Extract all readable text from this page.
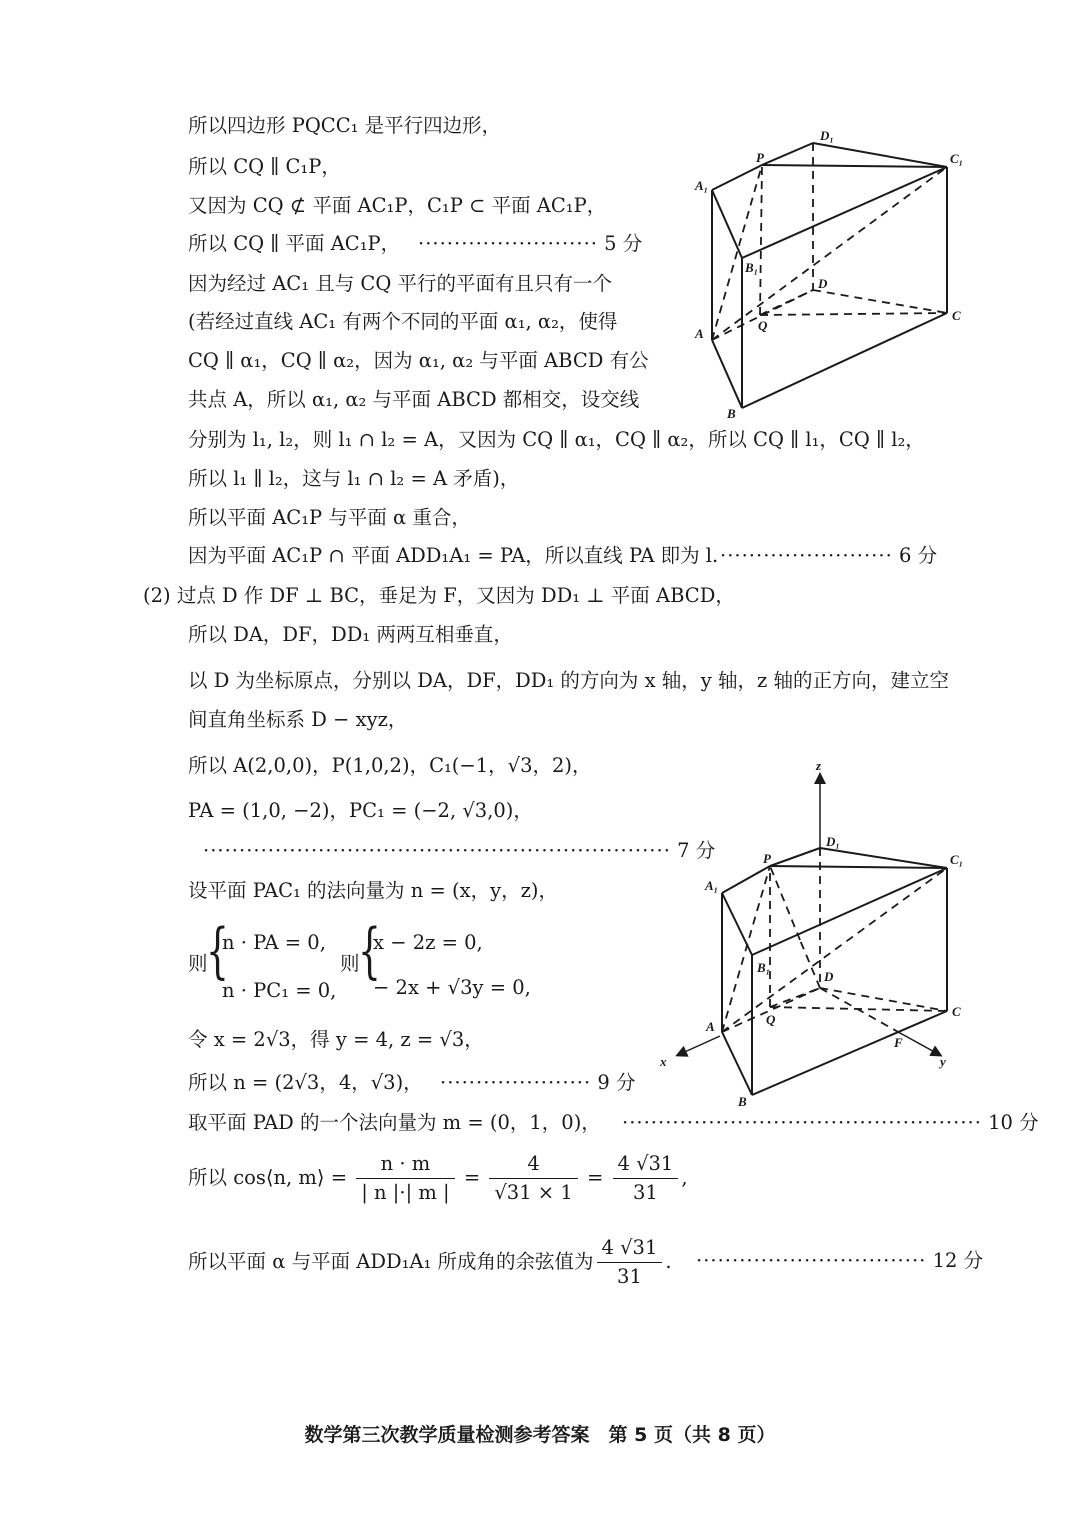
所以四边形 PQCC₁ 是平行四边形，
所以 CQ ∥ C₁P，
又因为 CQ ⊄ 平面 AC₁P，C₁P ⊂ 平面 AC₁P，
所以 CQ ∥ 平面 AC₁P， ························· 5 分
因为经过 AC₁ 且与 CQ 平行的平面有且只有一个
(若经过直线 AC₁ 有两个不同的平面 α₁, α₂，使得
CQ ∥ α₁，CQ ∥ α₂，因为 α₁, α₂ 与平面 ABCD 有公
共点 A，所以 α₁, α₂ 与平面 ABCD 都相交，设交线
分别为 l₁, l₂，则 l₁ ∩ l₂ = A，又因为 CQ ∥ α₁，CQ ∥ α₂，所以 CQ ∥ l₁，CQ ∥ l₂，
所以 l₁ ∥ l₂，这与 l₁ ∩ l₂ = A 矛盾)，
所以平面 AC₁P 与平面 α 重合，
因为平面 AC₁P ∩ 平面 ADD₁A₁ = PA，所以直线 PA 即为 l. ························ 6 分
(2) 过点 D 作 DF ⊥ BC，垂足为 F，又因为 DD₁ ⊥ 平面 ABCD，
所以 DA，DF，DD₁ 两两互相垂直，
以 D 为坐标原点，分别以 DA，DF，DD₁ 的方向为 x 轴，y 轴，z 轴的正方向，建立空
间直角坐标系 D − xyz，
所以 A(2,0,0)，P(1,0,2)，C₁(−1，√3，2)，
PA = (1,0, −2)，PC₁ = (−2, √3,0)，
································································· 7 分
设平面 PAC₁ 的法向量为 n = (x，y，z)，
则
{
n · PA = 0,
n · PC₁ = 0,
则
{
x − 2z = 0,
− 2x + √3y = 0,
令 x = 2√3，得 y = 4, z = √3，
所以 n = (2√3，4，√3)， ····················· 9 分
取平面 PAD 的一个法向量为 m = (0，1，0)， ·················································· 10 分
所以 cos⟨n, m⟩ = $\frac{n \cdot m}{| n |\cdot| m |} = \frac{4}{√31 \times 1} = \frac{4 √31}{31}$ ,
所以平面 α 与平面 ADD₁A₁ 所成角的余弦值为 $\frac{4 √31}{31}$ . ································ 12 分
P
D₁
C₁
A₁
B₁
D
Q
A
C
B
z
D₁
P	C₁
A₁
B₁
D
Q
A
C
x
F
y
B
数学第三次教学质量检测参考答案　第 5 页（共 8 页）
